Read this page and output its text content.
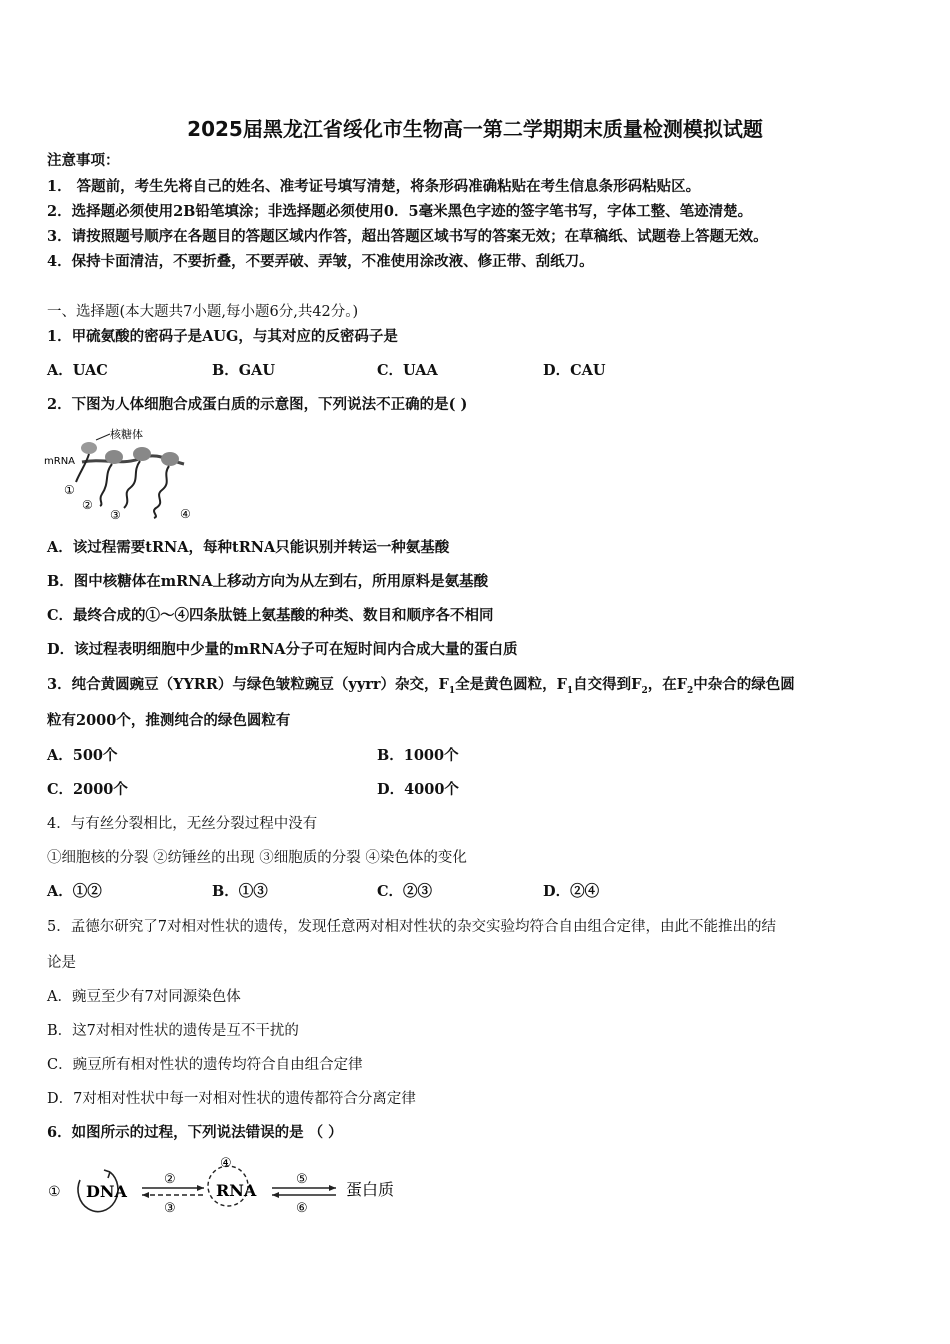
2025届黑龙江省绥化市生物高一第二学期期末质量检测模拟试题
注意事项：
1． 答题前，考生先将自己的姓名、准考证号填写清楚，将条形码准确粘贴在考生信息条形码粘贴区。
2．选择题必须使用2B铅笔填涂；非选择题必须使用0．5毫米黑色字迹的签字笔书写，字体工整、笔迹清楚。
3．请按照题号顺序在各题目的答题区域内作答，超出答题区域书写的答案无效；在草稿纸、试题卷上答题无效。
4．保持卡面清洁，不要折叠，不要弄破、弄皱，不准使用涂改液、修正带、刮纸刀。
一、选择题(本大题共7小题,每小题6分,共42分。)
1．甲硫氨酸的密码子是AUG，与其对应的反密码子是
A．UAC	B．GAU	C．UAA	D．CAU
2．下图为人体细胞合成蛋白质的示意图，下列说法不正确的是( )
核糖体
mRNA
①
②
③	④
A．该过程需要tRNA，每种tRNA只能识别并转运一种氨基酸
B．图中核糖体在mRNA上移动方向为从左到右，所用原料是氨基酸
C．最终合成的①～④四条肽链上氨基酸的种类、数目和顺序各不相同
D．该过程表明细胞中少量的mRNA分子可在短时间内合成大量的蛋白质
3．纯合黄圆豌豆（YYRR）与绿色皱粒豌豆（yyrr）杂交，$F_1$全是黄色圆粒，$F_1$自交得到$F_2$，在$F_2$中杂合的绿色圆
粒有2000个，推测纯合的绿色圆粒有
A．500个	B．1000个
C．2000个	D．4000个
4．与有丝分裂相比，无丝分裂过程中没有
①细胞核的分裂 ②纺锤丝的出现 ③细胞质的分裂 ④染色体的变化
A．①②	B．①③	C．②③	D．②④
5．孟德尔研究了7对相对性状的遗传，发现任意两对相对性状的杂交实验均符合自由组合定律，由此不能推出的结
论是
A．豌豆至少有7对同源染色体
B．这7对相对性状的遗传是互不干扰的
C．豌豆所有相对性状的遗传均符合自由组合定律
D．7对相对性状中每一对相对性状的遗传都符合分离定律
6．如图所示的过程，下列说法错误的是 （ ）
① DNA
②
③
④
RNA
⑤
⑥
蛋白质
